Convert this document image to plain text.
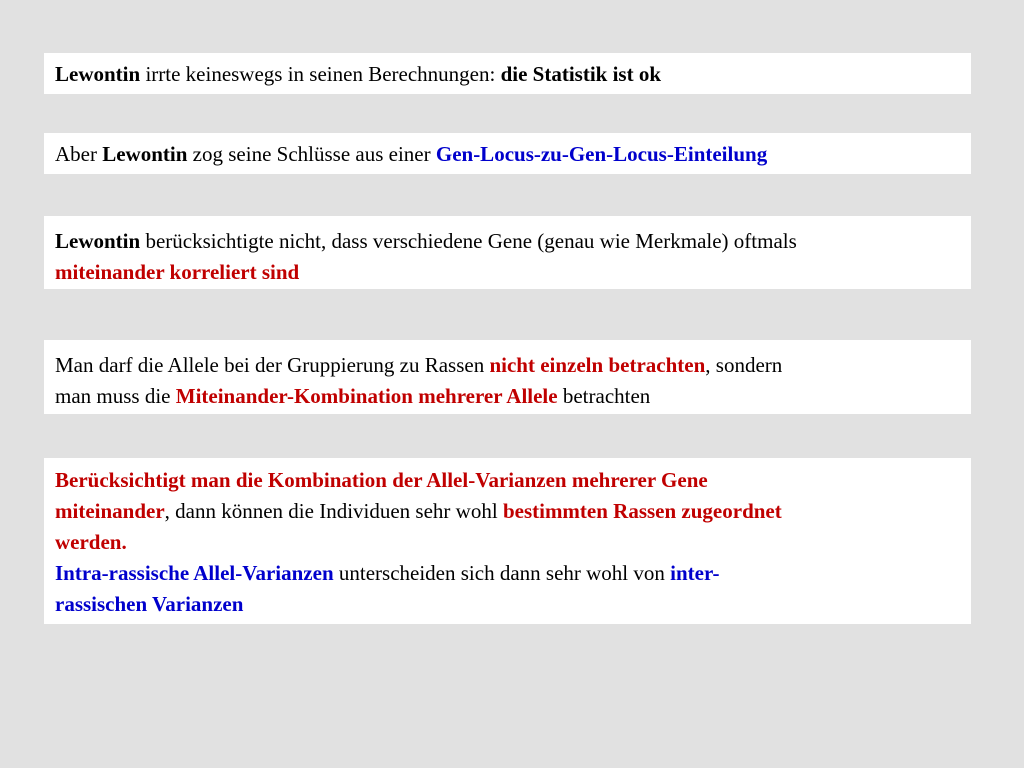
Lewontin irrte keineswegs in seinen Berechnungen: die Statistik ist ok
Aber Lewontin zog seine Schlüsse aus einer Gen-Locus-zu-Gen-Locus-Einteilung
Lewontin berücksichtigte nicht, dass verschiedene Gene (genau wie Merkmale) oftmals
miteinander korreliert sind
Man darf die Allele bei der Gruppierung zu Rassen nicht einzeln betrachten, sondern
man muss die Miteinander-Kombination mehrerer Allele betrachten
Berücksichtigt man die Kombination der Allel-Varianzen mehrerer Gene
miteinander, dann können die Individuen sehr wohl bestimmten Rassen zugeordnet
werden.
Intra-rassische Allel-Varianzen unterscheiden sich dann sehr wohl von inter-
rassischen Varianzen
